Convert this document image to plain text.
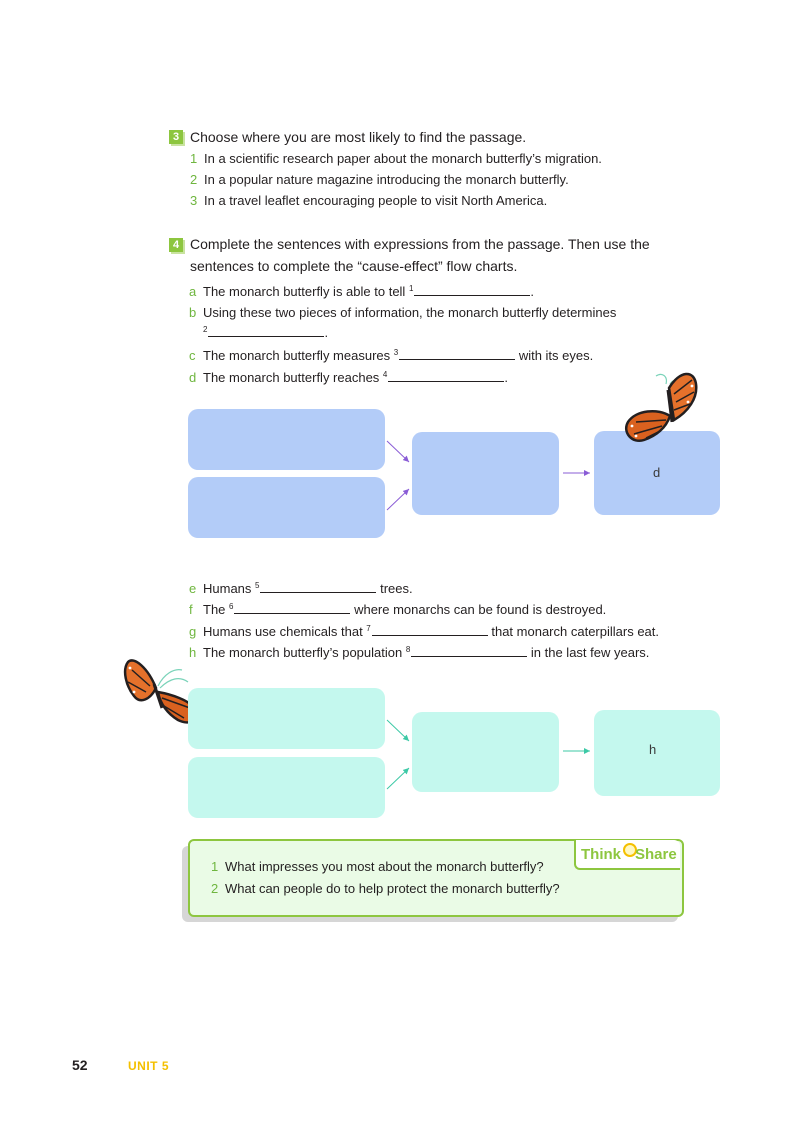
3 Choose where you are most likely to find the passage.
1 In a scientific research paper about the monarch butterfly’s migration.
2 In a popular nature magazine introducing the monarch butterfly.
3 In a travel leaflet encouraging people to visit North America.
4 Complete the sentences with expressions from the passage. Then use the
sentences to complete the “cause-effect” flow charts.
a The monarch butterfly is able to tell $^1$	.
b Using these two pieces of information, the monarch butterfly determines
$^2$	.
c The monarch butterfly measures $^3$	with its eyes.
d The monarch butterfly reaches $^4$	.
d
e Humans $^5$	trees.
f The $^6$	where monarchs can be found is destroyed.
g Humans use chemicals that $^7$	that monarch caterpillars eat.
h The monarch butterfly’s population $^8$	in the last few years.
h
Think Share
1 What impresses you most about the monarch butterfly?
2 What can people do to help protect the monarch butterfly?
52	UNIT 5
